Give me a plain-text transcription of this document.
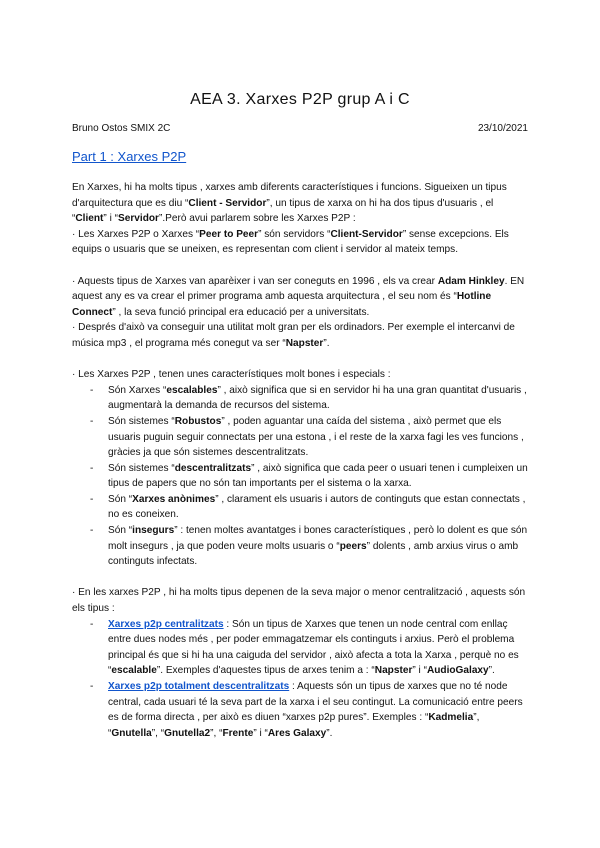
AEA 3. Xarxes P2P grup A i C
Bruno Ostos SMIX 2C	23/10/2021
Part 1 : Xarxes P2P

En Xarxes, hi ha molts tipus , xarxes amb diferents característiques i funcions. Sigueixen un tipus d'arquitectura que es diu “Client - Servidor”, un tipus de xarxa on hi ha dos tipus d'usuaris , el “Client” i “Servidor”.Però avui parlarem sobre les Xarxes P2P :

· Les Xarxes P2P o Xarxes “Peer to Peer” són servidors “Client-Servidor” sense excepcions. Els equips o usuaris que se uneixen, es representan com client i servidor al mateix temps.

· Aquests tipus de Xarxes van aparèixer i van ser coneguts en 1996 , els va crear Adam Hinkley. EN aquest any es va crear el primer programa amb aquesta arquitectura , el seu nom és “Hotline Connect” , la seva funció principal era educació per a universitats.

· Després d'això va conseguir una utilitat molt gran per els ordinadors. Per exemple el intercanvi de música mp3 , el programa més conegut va ser “Napster”.

· Les Xarxes P2P , tenen unes característiques molt bones i especials :

- Són Xarxes “escalables” , això significa que si en servidor hi ha una gran quantitat d'usuaris , augmentarà la demanda de recursos del sistema.
- Són sistemes “Robustos” , poden aguantar una caída del sistema , això permet que els usuaris puguin seguir connectats per una estona , i el reste de la xarxa fagi les ves funcions , gràcies ja que són sistemes descentralitzats.
- Són sistemes “descentralitzats” , això significa que cada peer o usuari tenen i cumpleixen un tipus de papers que no són tan importants per el sistema o la xarxa.
- Són “Xarxes anònimes” , clarament els usuaris i autors de continguts que estan connectats , no es coneixen.
- Són “insegurs” : tenen moltes avantatges i bones característiques , però lo dolent es que són molt insegurs , ja que poden veure molts usuaris o “peers” dolents , amb arxius virus o amb continguts infectats.

· En les xarxes P2P , hi ha molts tipus depenen de la seva major o menor centralització , aquests són els tipus :

- Xarxes p2p centralitzats : Són un tipus de Xarxes que tenen un node central com enllaç entre dues nodes més , per poder emmagatzemar els continguts i arxius. Però el problema principal és que si hi ha una caiguda del servidor , això afecta a tota la Xarxa , perquè no es “escalable”. Exemples d'aquestes tipus de arxes tenim a : “Napster” i “AudioGalaxy”.
- Xarxes p2p totalment descentralitzats : Aquests són un tipus de xarxes que no té node central, cada usuari té la seva part de la xarxa i el seu contingut. La comunicació entre peers es de forma directa , per això es diuen “xarxes p2p pures”. Exemples : “Kadmelia”, “Gnutella”, “Gnutella2”, “Frente” i “Ares Galaxy”.
